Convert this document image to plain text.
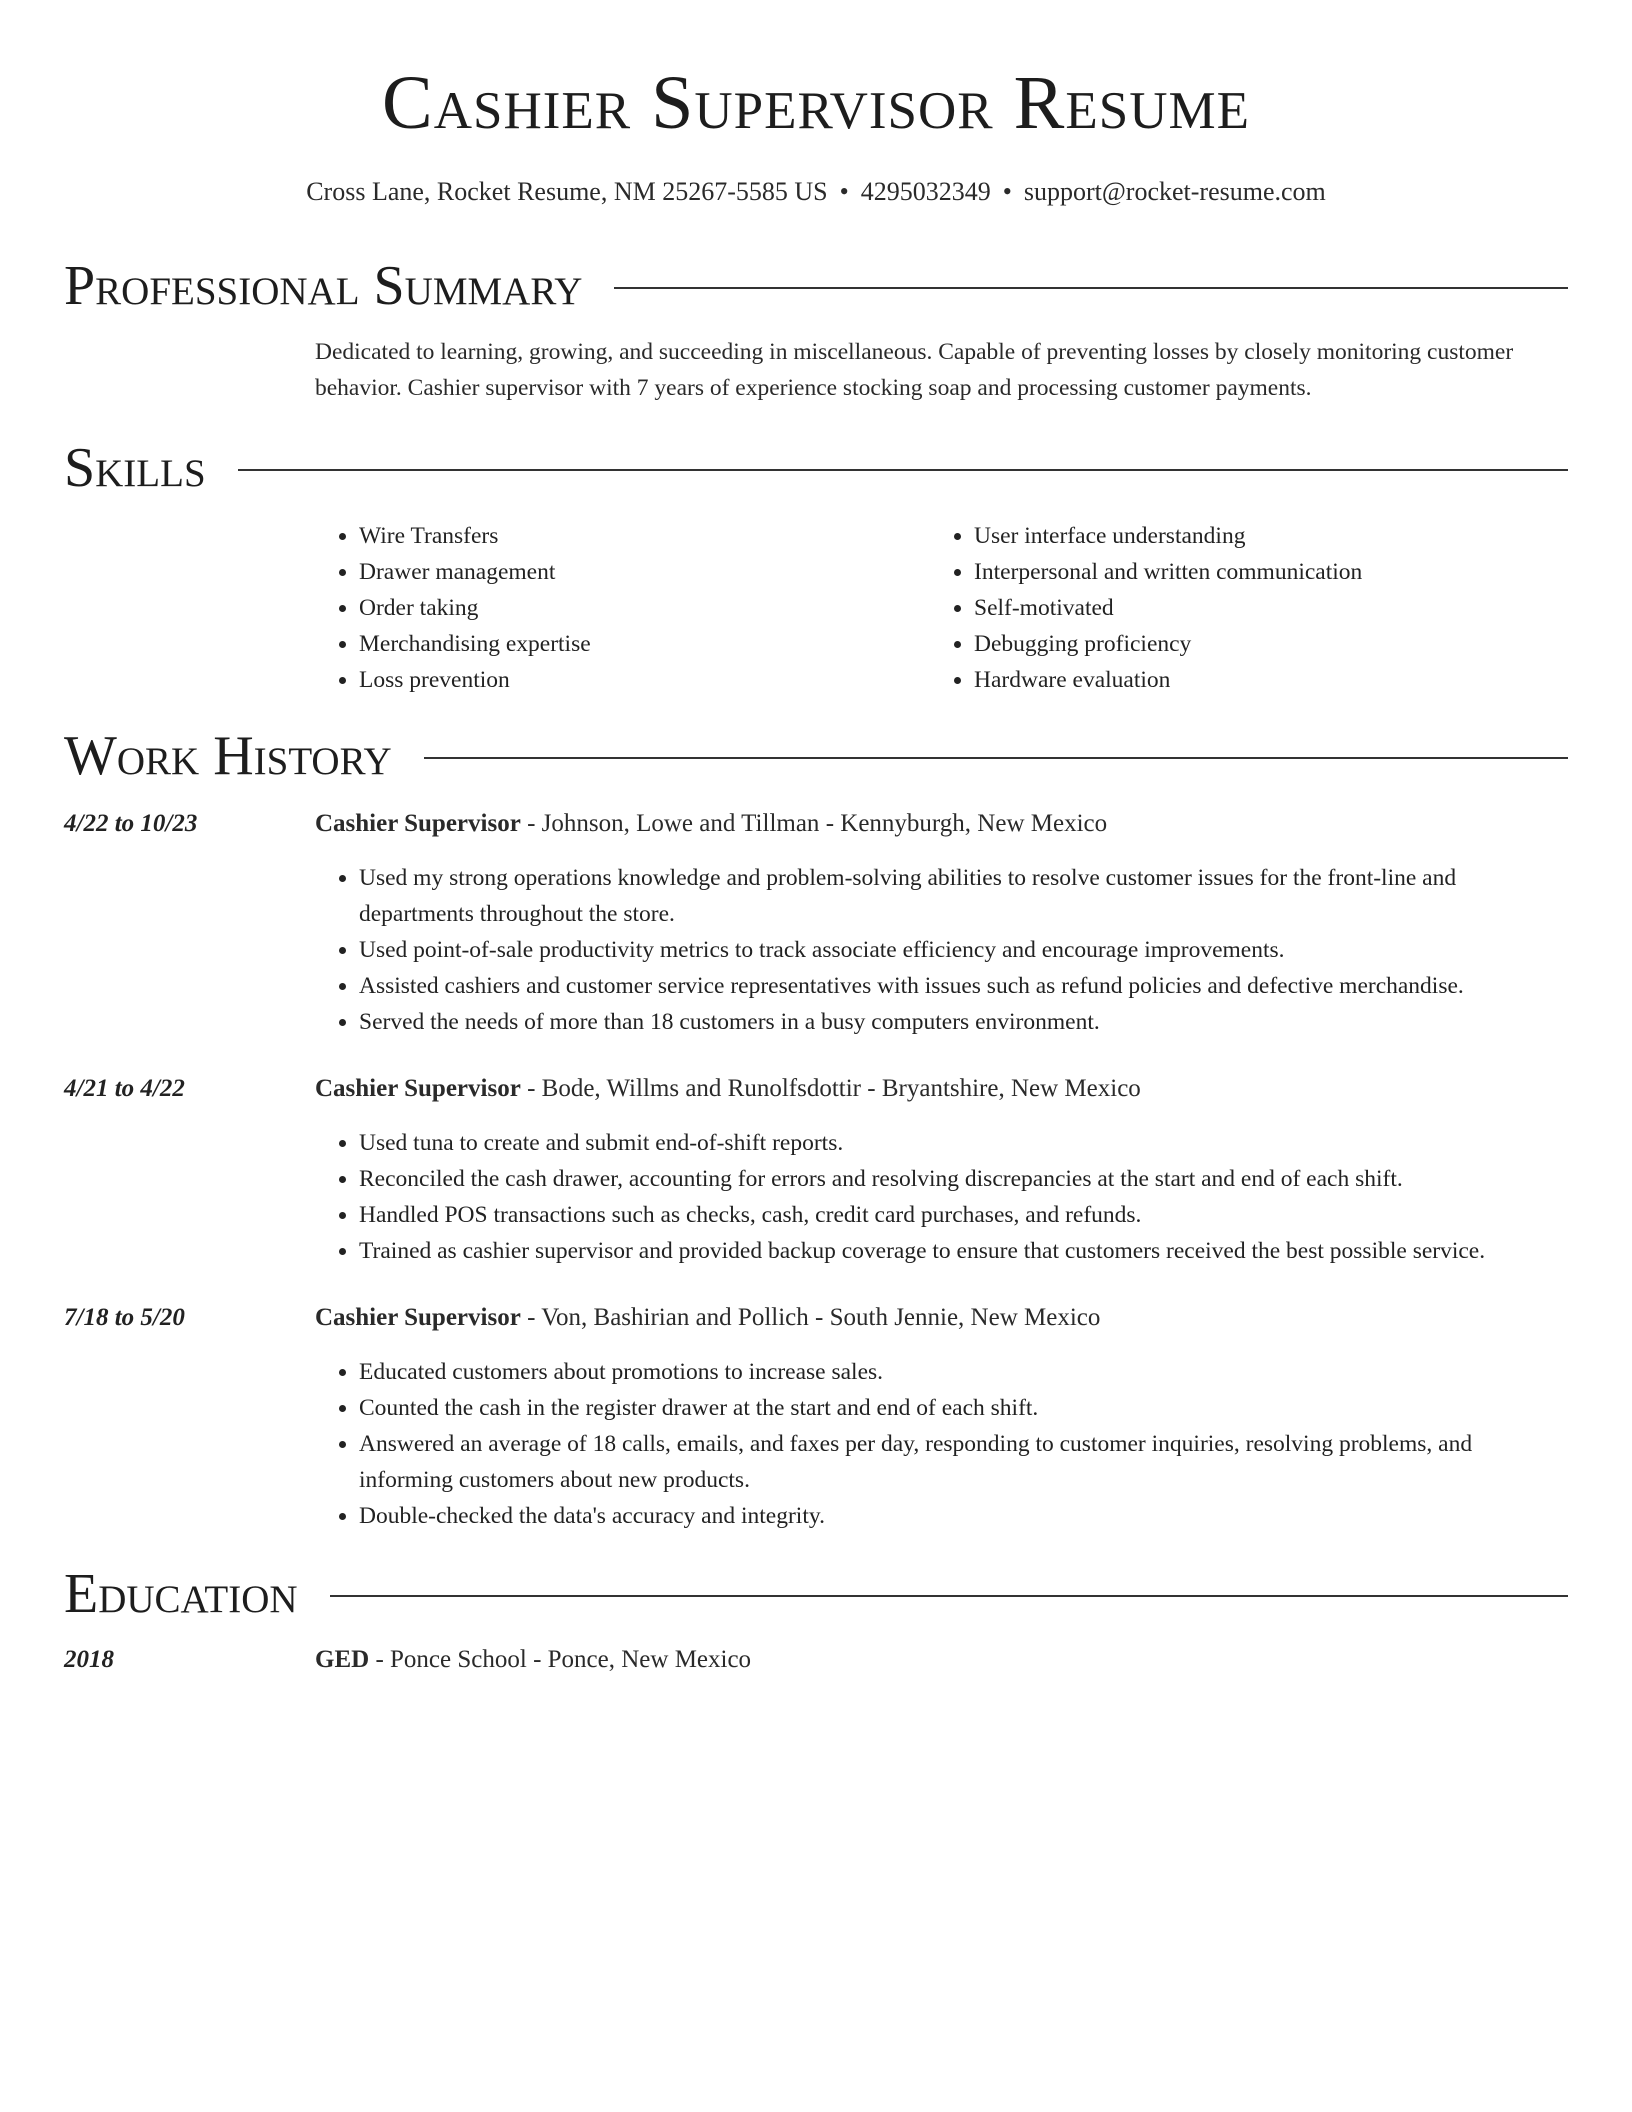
Cashier Supervisor Resume
Cross Lane, Rocket Resume, NM 25267-5585 US • 4295032349 • support@rocket-resume.com
Professional Summary
Dedicated to learning, growing, and succeeding in miscellaneous. Capable of preventing losses by closely monitoring customer behavior. Cashier supervisor with 7 years of experience stocking soap and processing customer payments.
Skills
• Wire Transfers
• Drawer management
• Order taking
• Merchandising expertise
• Loss prevention
• User interface understanding
• Interpersonal and written communication
• Self-motivated
• Debugging proficiency
• Hardware evaluation
Work History
4/22 to 10/23	Cashier Supervisor - Johnson, Lowe and Tillman - Kennyburgh, New Mexico
• Used my strong operations knowledge and problem-solving abilities to resolve customer issues for the front-line and departments throughout the store.
• Used point-of-sale productivity metrics to track associate efficiency and encourage improvements.
• Assisted cashiers and customer service representatives with issues such as refund policies and defective merchandise.
• Served the needs of more than 18 customers in a busy computers environment.
4/21 to 4/22	Cashier Supervisor - Bode, Willms and Runolfsdottir - Bryantshire, New Mexico
• Used tuna to create and submit end-of-shift reports.
• Reconciled the cash drawer, accounting for errors and resolving discrepancies at the start and end of each shift.
• Handled POS transactions such as checks, cash, credit card purchases, and refunds.
• Trained as cashier supervisor and provided backup coverage to ensure that customers received the best possible service.
7/18 to 5/20	Cashier Supervisor - Von, Bashirian and Pollich - South Jennie, New Mexico
• Educated customers about promotions to increase sales.
• Counted the cash in the register drawer at the start and end of each shift.
• Answered an average of 18 calls, emails, and faxes per day, responding to customer inquiries, resolving problems, and informing customers about new products.
• Double-checked the data's accuracy and integrity.
Education
2018	GED - Ponce School - Ponce, New Mexico
